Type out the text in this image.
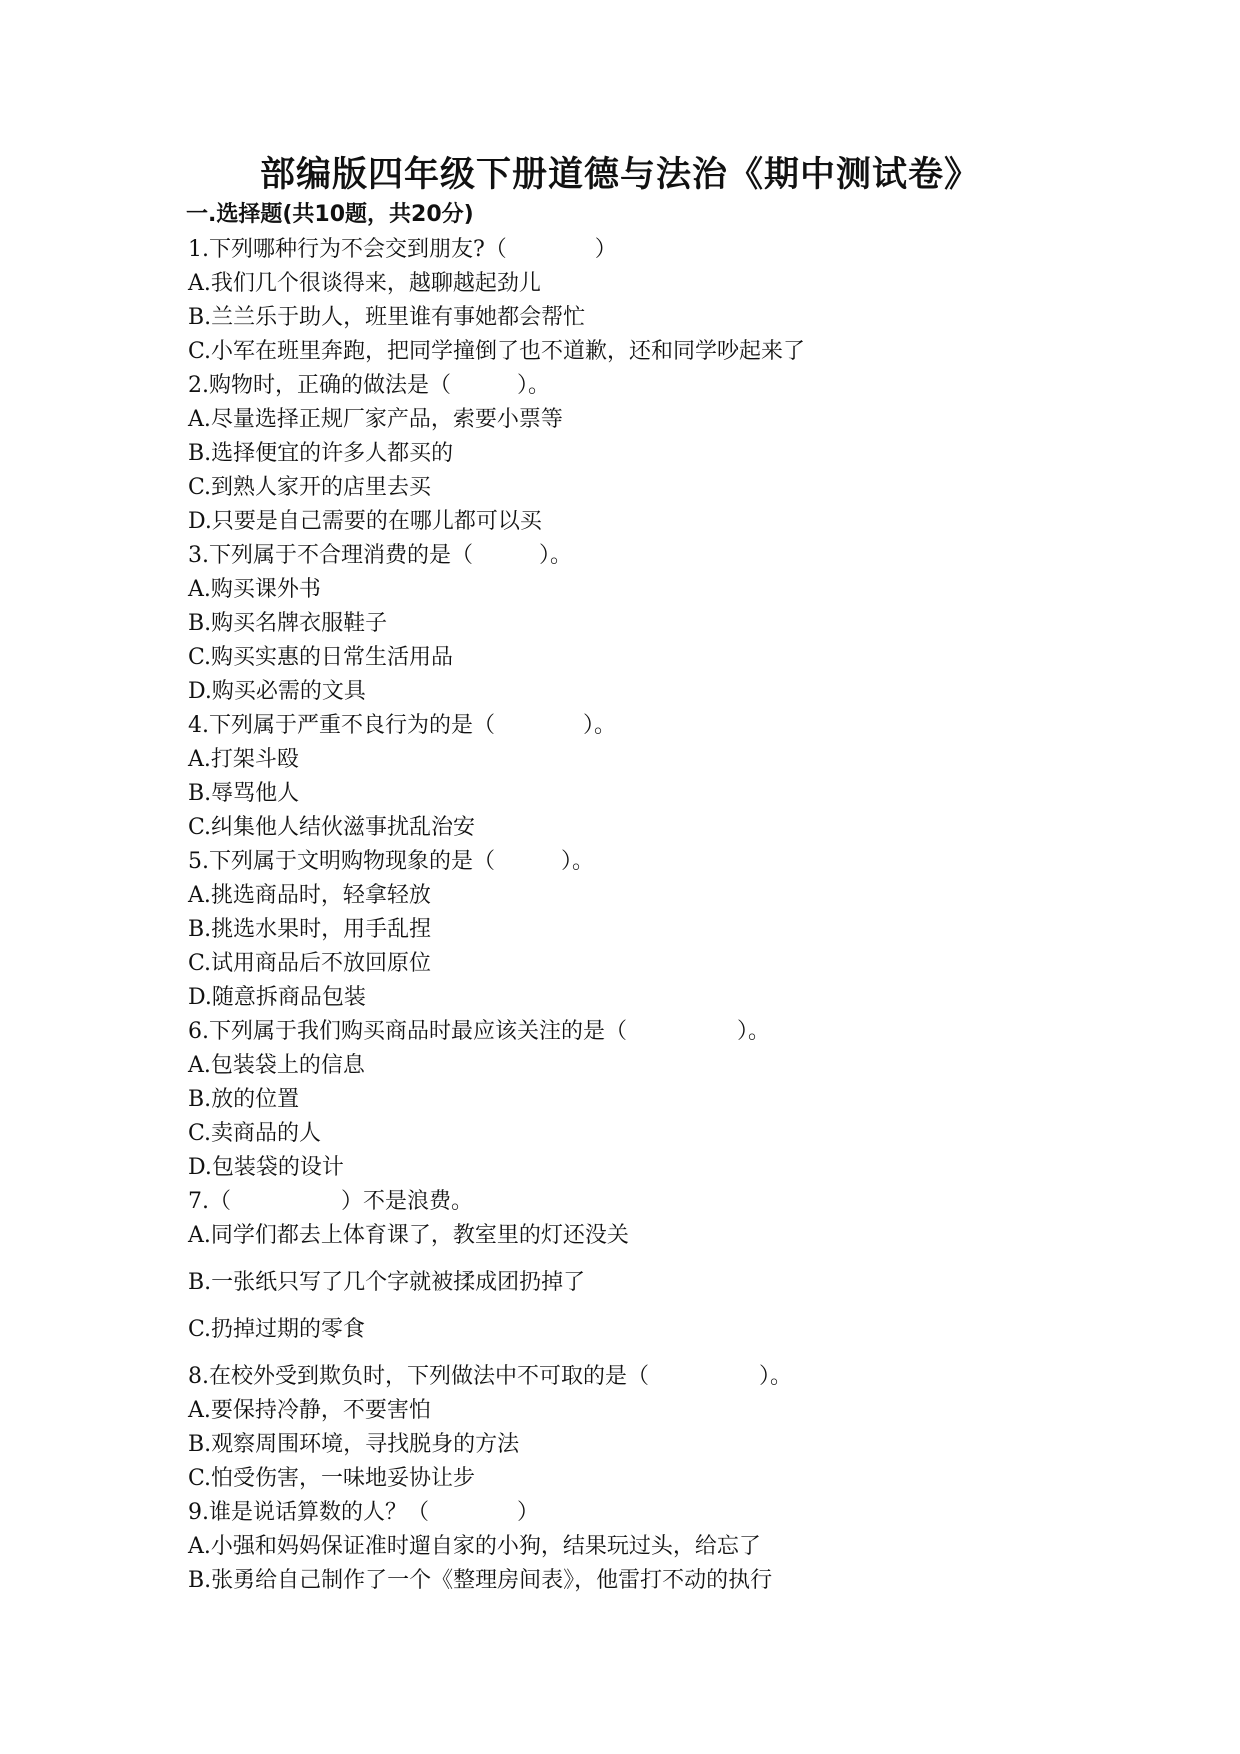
部编版四年级下册道德与法治《期中测试卷》
一.选择题(共10题，共20分)
1.下列哪种行为不会交到朋友?（　　　　）
A.我们几个很谈得来，越聊越起劲儿
B.兰兰乐于助人，班里谁有事她都会帮忙
C.小军在班里奔跑，把同学撞倒了也不道歉，还和同学吵起来了
2.购物时，正确的做法是（　　　）。
A.尽量选择正规厂家产品，索要小票等
B.选择便宜的许多人都买的
C.到熟人家开的店里去买
D.只要是自己需要的在哪儿都可以买
3.下列属于不合理消费的是（　　　）。
A.购买课外书
B.购买名牌衣服鞋子
C.购买实惠的日常生活用品
D.购买必需的文具
4.下列属于严重不良行为的是（　　　　）。
A.打架斗殴
B.辱骂他人
C.纠集他人结伙滋事扰乱治安
5.下列属于文明购物现象的是（　　　）。
A.挑选商品时，轻拿轻放
B.挑选水果时，用手乱捏
C.试用商品后不放回原位
D.随意拆商品包装
6.下列属于我们购买商品时最应该关注的是（　　　　　）。
A.包装袋上的信息
B.放的位置
C.卖商品的人
D.包装袋的设计
7.（　　　　　）不是浪费。
A.同学们都去上体育课了，教室里的灯还没关
B.一张纸只写了几个字就被揉成团扔掉了
C.扔掉过期的零食
8.在校外受到欺负时，下列做法中不可取的是（　　　　　）。
A.要保持冷静，不要害怕
B.观察周围环境，寻找脱身的方法
C.怕受伤害，一味地妥协让步
9.谁是说话算数的人？（　　　　）
A.小强和妈妈保证准时遛自家的小狗，结果玩过头，给忘了
B.张勇给自己制作了一个《整理房间表》，他雷打不动的执行
